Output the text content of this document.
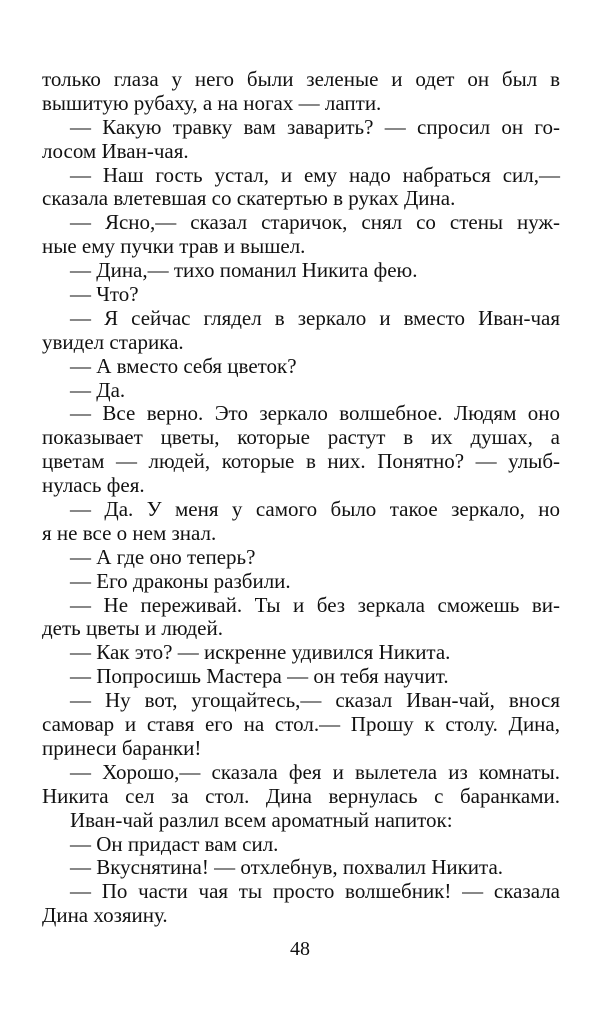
только глаза у него были зеленые и одет он был в
вышитую рубаху, а на ногах — лапти.
— Какую травку вам заварить? — спросил он го-
лосом Иван-чая.
— Наш гость устал, и ему надо набраться сил,—
сказала влетевшая со скатертью в руках Дина.
— Ясно,— сказал старичок, снял со стены нуж-
ные ему пучки трав и вышел.
— Дина,— тихо поманил Никита фею.
— Что?
— Я сейчас глядел в зеркало и вместо Иван-чая
увидел старика.
— А вместо себя цветок?
— Да.
— Все верно. Это зеркало волшебное. Людям оно
показывает цветы, которые растут в их душах, а
цветам — людей, которые в них. Понятно? — улыб-
нулась фея.
— Да. У меня у самого было такое зеркало, но
я не все о нем знал.
— А где оно теперь?
— Его драконы разбили.
— Не переживай. Ты и без зеркала сможешь ви-
деть цветы и людей.
— Как это? — искренне удивился Никита.
— Попросишь Мастера — он тебя научит.
— Ну вот, угощайтесь,— сказал Иван-чай, внося
самовар и ставя его на стол.— Прошу к столу. Дина,
принеси баранки!
— Хорошо,— сказала фея и вылетела из комнаты.
Никита сел за стол. Дина вернулась с баранками.
Иван-чай разлил всем ароматный напиток:
— Он придаст вам сил.
— Вкуснятина! — отхлебнув, похвалил Никита.
— По части чая ты просто волшебник! — сказала
Дина хозяину.
48
